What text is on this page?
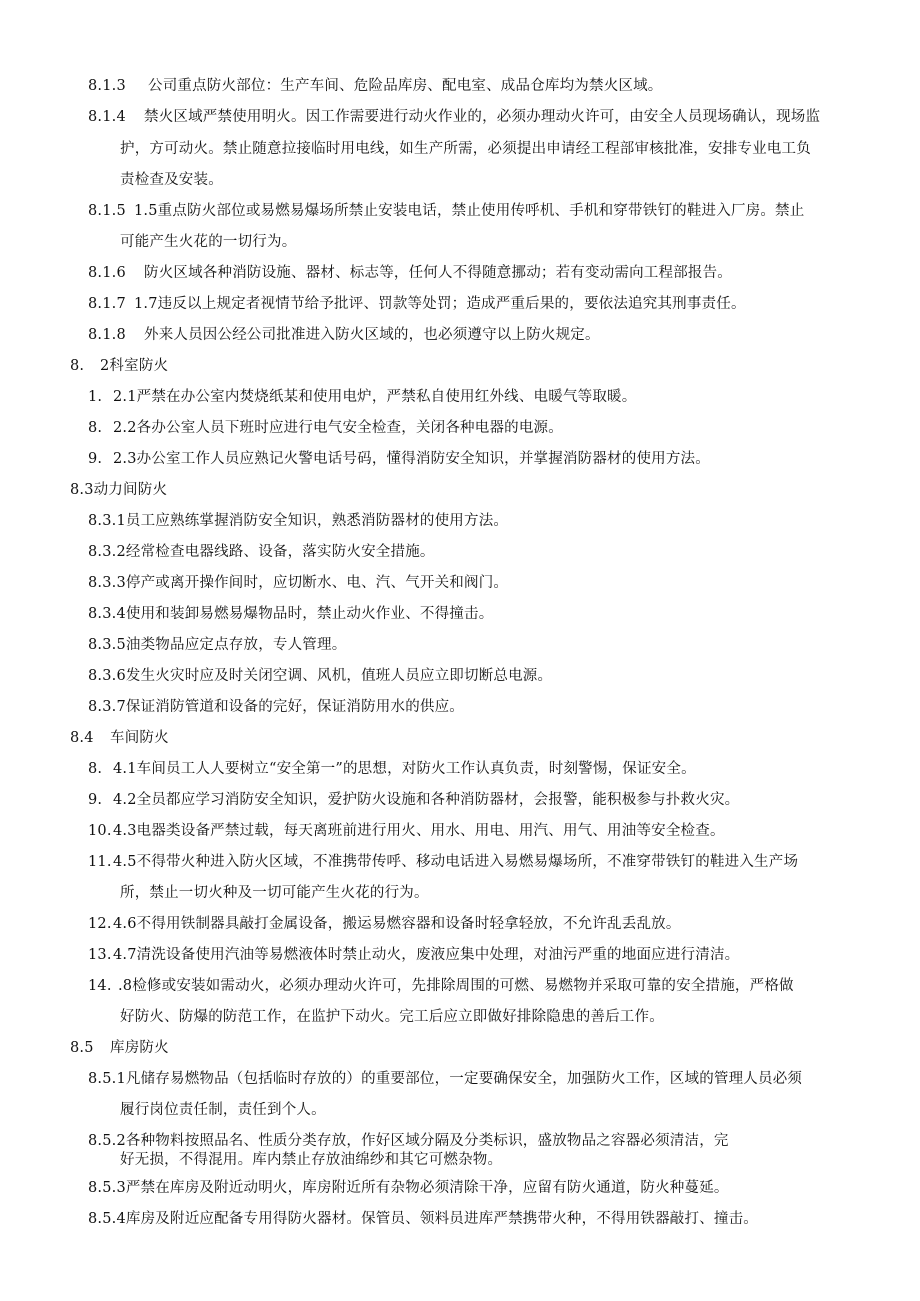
8.1.3 公司重点防火部位：生产车间、危险品库房、配电室、成品仓库均为禁火区域。
8.1.4 禁火区域严禁使用明火。因工作需要进行动火作业的，必须办理动火许可，由安全人员现场确认，现场监
护，方可动火。禁止随意拉接临时用电线，如生产所需，必须提出申请经工程部审核批准，安排专业电工负
责检查及安装。
8.1.5 1.5重点防火部位或易燃易爆场所禁止安装电话，禁止使用传呼机、手机和穿带铁钉的鞋进入厂房。禁止
可能产生火花的一切行为。
8.1.6 防火区域各种消防设施、器材、标志等，任何人不得随意挪动；若有变动需向工程部报告。
8.1.7 1.7违反以上规定者视情节给予批评、罚款等处罚；造成严重后果的，要依法追究其刑事责任。
8.1.8 外来人员因公经公司批准进入防火区域的，也必须遵守以上防火规定。
8. 2科室防火
1. 2.1严禁在办公室内焚烧纸某和使用电炉，严禁私自使用红外线、电暖气等取暖。
8. 2.2各办公室人员下班时应进行电气安全检查，关闭各种电器的电源。
9. 2.3办公室工作人员应熟记火警电话号码，懂得消防安全知识，并掌握消防器材的使用方法。
8.3动力间防火
8.3.1员工应熟练掌握消防安全知识，熟悉消防器材的使用方法。
8.3.2经常检查电器线路、设备，落实防火安全措施。
8.3.3停产或离开操作间时，应切断水、电、汽、气开关和阀门。
8.3.4使用和装卸易燃易爆物品时，禁止动火作业、不得撞击。
8.3.5油类物品应定点存放，专人管理。
8.3.6发生火灾时应及时关闭空调、风机，值班人员应立即切断总电源。
8.3.7保证消防管道和设备的完好，保证消防用水的供应。
8.4 车间防火
8. 4.1车间员工人人要树立“安全第一”的思想，对防火工作认真负责，时刻警惕，保证安全。
9. 4.2全员都应学习消防安全知识，爱护防火设施和各种消防器材，会报警，能积极参与扑救火灾。
10.4.3电器类设备严禁过载，每天离班前进行用火、用水、用电、用汽、用气、用油等安全检查。
11.4.5不得带火种进入防火区域，不准携带传呼、移动电话进入易燃易爆场所，不准穿带铁钉的鞋进入生产场
所，禁止一切火种及一切可能产生火花的行为。
12.4.6不得用铁制器具敲打金属设备，搬运易燃容器和设备时轻拿轻放，不允许乱丢乱放。
13.4.7清洗设备使用汽油等易燃液体时禁止动火，废液应集中处理，对油污严重的地面应进行清洁。
14. .8检修或安装如需动火，必须办理动火许可，先排除周围的可燃、易燃物并采取可靠的安全措施，严格做
好防火、防爆的防范工作，在监护下动火。完工后应立即做好排除隐患的善后工作。
8.5 库房防火
8.5.1凡储存易燃物品（包括临时存放的）的重要部位，一定要确保安全，加强防火工作，区域的管理人员必须
履行岗位责任制，责任到个人。
8.5.2各种物料按照品名、性质分类存放，作好区域分隔及分类标识，盛放物品之容器必须清洁，完
好无损，不得混用。库内禁止存放油绵纱和其它可燃杂物。
8.5.3严禁在库房及附近动明火，库房附近所有杂物必须清除干净，应留有防火通道，防火种蔓延。
8.5.4库房及附近应配备专用得防火器材。保管员、领料员进库严禁携带火种，不得用铁器敲打、撞击。
